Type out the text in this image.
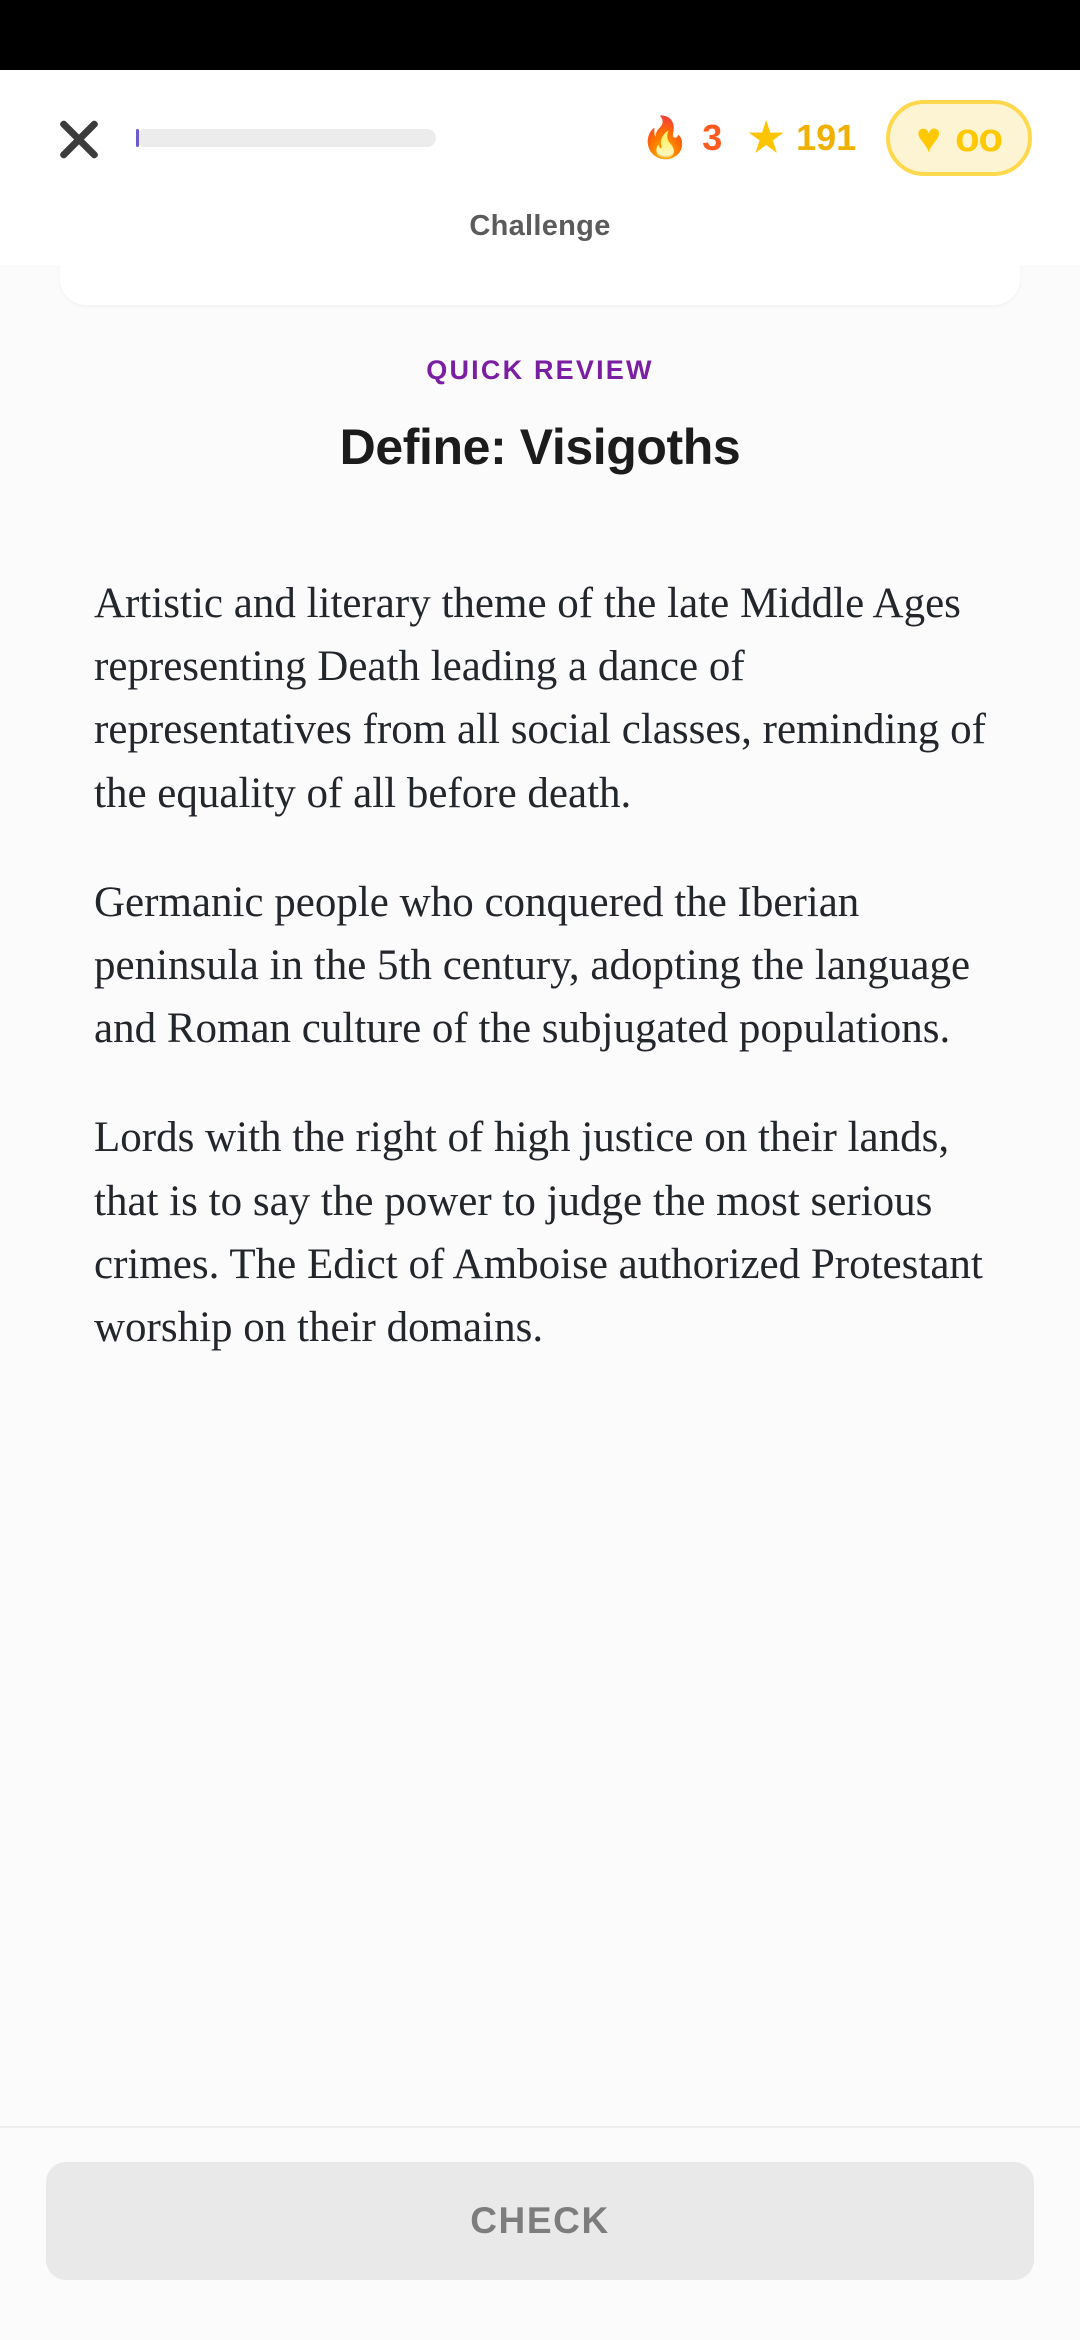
🔥 3 ★ 191 ♥ oo
Challenge
QUICK REVIEW
Define: Visigoths

Artistic and literary theme of the late Middle Ages representing Death leading a dance of representatives from all social classes, reminding of the equality of all before death.

Germanic people who conquered the Iberian peninsula in the 5th century, adopting the language and Roman culture of the subjugated populations.

Lords with the right of high justice on their lands, that is to say the power to judge the most serious crimes. The Edict of Amboise authorized Protestant worship on their domains.

CHECK
